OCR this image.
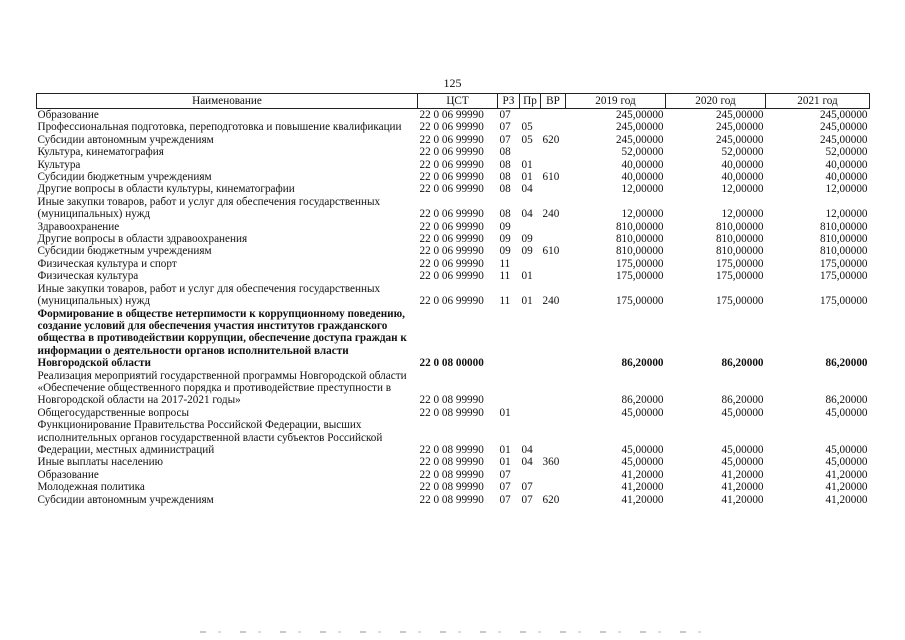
125
Наименование	ЦСТ	РЗ	Пр	ВР	2019 год	2020 год	2021 год
Образование	22 0 06 99990	07			245,00000	245,00000	245,00000
Профессиональная подготовка, переподготовка и повышение квалификации	22 0 06 99990	07	05		245,00000	245,00000	245,00000
Субсидии автономным учреждениям	22 0 06 99990	07	05	620	245,00000	245,00000	245,00000
Культура, кинематография	22 0 06 99990	08			52,00000	52,00000	52,00000
Культура	22 0 06 99990	08	01		40,00000	40,00000	40,00000
Субсидии бюджетным учреждениям	22 0 06 99990	08	01	610	40,00000	40,00000	40,00000
Другие вопросы в области культуры, кинематографии	22 0 06 99990	08	04		12,00000	12,00000	12,00000
Иные закупки товаров, работ и услуг для обеспечения государственных (муниципальных) нужд	22 0 06 99990	08	04	240	12,00000	12,00000	12,00000
Здравоохранение	22 0 06 99990	09			810,00000	810,00000	810,00000
Другие вопросы в области здравоохранения	22 0 06 99990	09	09		810,00000	810,00000	810,00000
Субсидии бюджетным учреждениям	22 0 06 99990	09	09	610	810,00000	810,00000	810,00000
Физическая культура и спорт	22 0 06 99990	11			175,00000	175,00000	175,00000
Физическая культура	22 0 06 99990	11	01		175,00000	175,00000	175,00000
Иные закупки товаров, работ и услуг для обеспечения государственных (муниципальных) нужд	22 0 06 99990	11	01	240	175,00000	175,00000	175,00000
Формирование в обществе нетерпимости к коррупционному поведению, создание условий для обеспечения участия институтов гражданского общества в противодействии коррупции, обеспечение доступа граждан к информации о деятельности органов исполнительной власти Новгородской области	22 0 08 00000				86,20000	86,20000	86,20000
Реализация мероприятий государственной программы Новгородской области «Обеспечение общественного порядка и противодействие преступности в Новгородской области на 2017-2021 годы»	22 0 08 99990				86,20000	86,20000	86,20000
Общегосударственные вопросы	22 0 08 99990	01			45,00000	45,00000	45,00000
Функционирование Правительства Российской Федерации, высших исполнительных органов государственной власти субъектов Российской Федерации, местных администраций	22 0 08 99990	01	04		45,00000	45,00000	45,00000
Иные выплаты населению	22 0 08 99990	01	04	360	45,00000	45,00000	45,00000
Образование	22 0 08 99990	07			41,20000	41,20000	41,20000
Молодежная политика	22 0 08 99990	07	07		41,20000	41,20000	41,20000
Субсидии автономным учреждениям	22 0 08 99990	07	07	620	41,20000	41,20000	41,20000
